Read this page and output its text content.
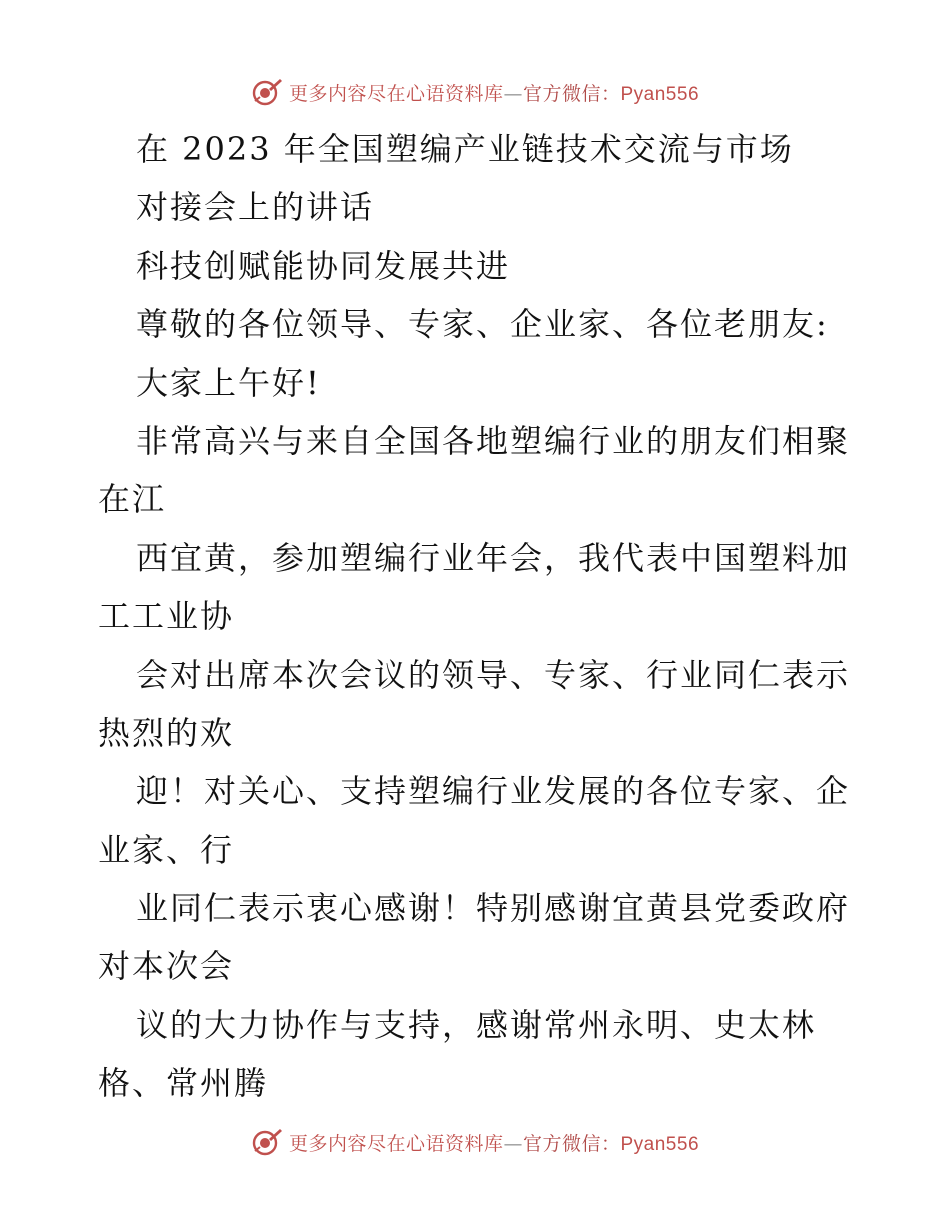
更多内容尽在心语资料库—官方微信：Pyan556
在 2023 年全国塑编产业链技术交流与市场
对接会上的讲话
科技创赋能协同发展共进
尊敬的各位领导、专家、企业家、各位老朋友:
大家上午好!
非常高兴与来自全国各地塑编行业的朋友们相聚
在江
西宜黄，参加塑编行业年会，我代表中国塑料加
工工业协
会对出席本次会议的领导、专家、行业同仁表示
热烈的欢
迎！对关心、支持塑编行业发展的各位专家、企
业家、行
业同仁表示衷心感谢！特别感谢宜黄县党委政府
对本次会
议的大力协作与支持，感谢常州永明、史太林
格、常州腾
更多内容尽在心语资料库—官方微信：Pyan556
